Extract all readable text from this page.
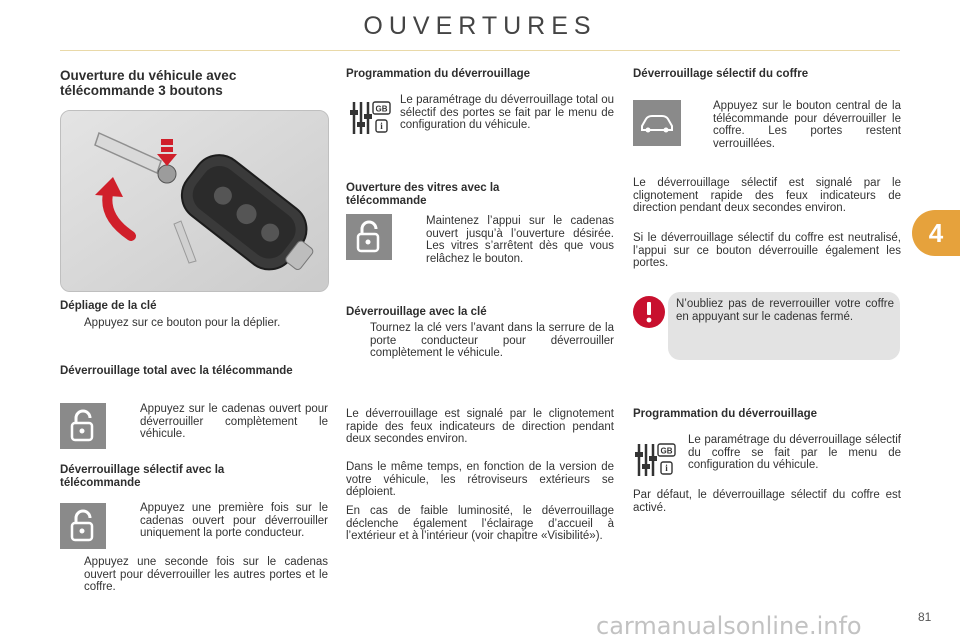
OUVERTURES
Ouverture du véhicule avec télécommande 3 boutons
Dépliage de la clé
Appuyez sur ce bouton pour la déplier.
Déverrouillage total avec la télécommande
Appuyez sur le cadenas ouvert pour déverrouiller complètement le véhicule.
Déverrouillage sélectif avec la télécommande
Appuyez une première fois sur le cadenas ouvert pour déverrouiller uniquement la porte conducteur.
Appuyez une seconde fois sur le cadenas ouvert pour déverrouiller les autres portes et le coffre.
Programmation du déverrouillage
GB
i

Le paramétrage du déverrouillage total ou sélectif des portes se fait par le menu de configuration du véhicule.

Ouverture des vitres avec la télécommande
Maintenez l’appui sur le cadenas ouvert jusqu’à l’ouverture désirée. Les vitres s’arrêtent dès que vous relâchez le bouton.
Déverrouillage avec la clé
Tournez la clé vers l’avant dans la serrure de la porte conducteur pour déverrouiller complètement le véhicule.

Le déverrouillage est signalé par le clignotement rapide des feux indicateurs de direction pendant deux secondes environ.

Dans le même temps, en fonction de la version de votre véhicule, les rétroviseurs extérieurs se déploient.

En cas de faible luminosité, le déverrouillage déclenche également l’éclairage d’accueil à l’extérieur et à l’intérieur (voir chapitre «Visibilité»).

Déverrouillage sélectif du coffre
Appuyez sur le bouton central de la télécommande pour déverrouiller le coffre. Les portes restent verrouillées.

Le déverrouillage sélectif est signalé par le clignotement rapide des feux indicateurs de direction pendant deux secondes environ.

Si le déverrouillage sélectif du coffre est neutralisé, l’appui sur ce bouton déverrouille également les portes.

N’oubliez pas de reverrouiller votre coffre en appuyant sur le cadenas fermé.

Programmation du déverrouillage
GB
i

Le paramétrage du déverrouillage sélectif du coffre se fait par le menu de configuration du véhicule.

Par défaut, le déverrouillage sélectif du coffre est activé.

4
carmanualsonline.info	81
